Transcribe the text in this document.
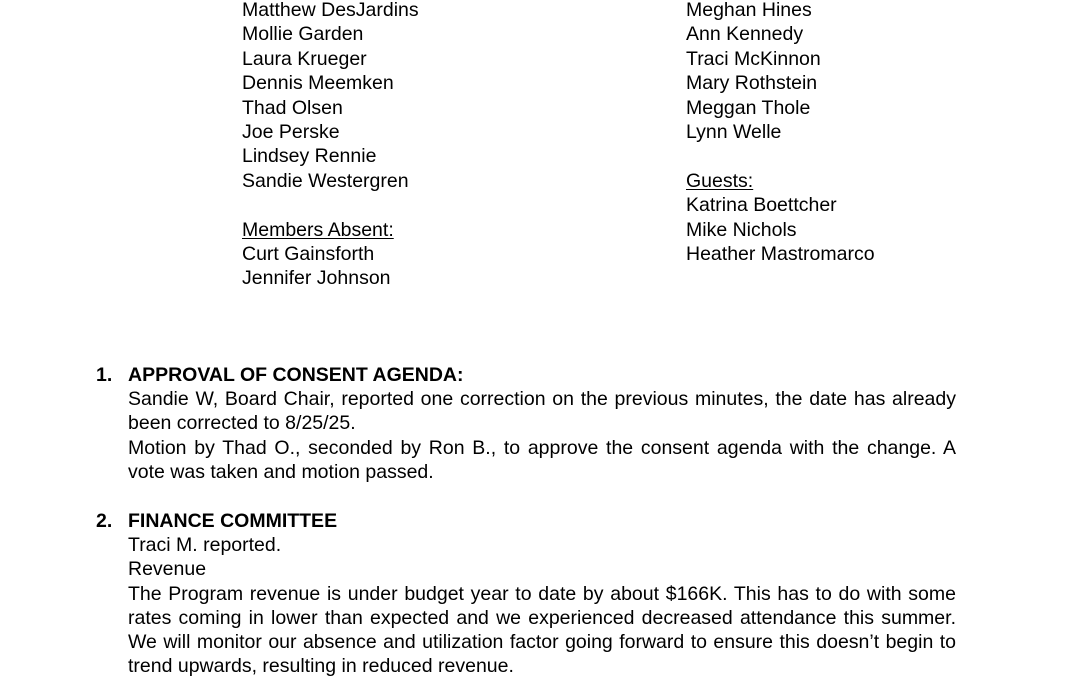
Matthew DesJardins
Mollie Garden
Laura Krueger
Dennis Meemken
Thad Olsen
Joe Perske
Lindsey Rennie
Sandie Westergren
Members Absent:
Curt Gainsforth
Jennifer Johnson
Meghan Hines
Ann Kennedy
Traci McKinnon
Mary Rothstein
Meggan Thole
Lynn Welle
Guests:
Katrina Boettcher
Mike Nichols
Heather Mastromarco
1. APPROVAL OF CONSENT AGENDA:
Sandie W, Board Chair, reported one correction on the previous minutes, the date has already been corrected to 8/25/25.
Motion by Thad O., seconded by Ron B., to approve the consent agenda with the change. A vote was taken and motion passed.
2. FINANCE COMMITTEE
Traci M. reported.
Revenue
The Program revenue is under budget year to date by about $166K. This has to do with some rates coming in lower than expected and we experienced decreased attendance this summer. We will monitor our absence and utilization factor going forward to ensure this doesn’t begin to trend upwards, resulting in reduced revenue.
